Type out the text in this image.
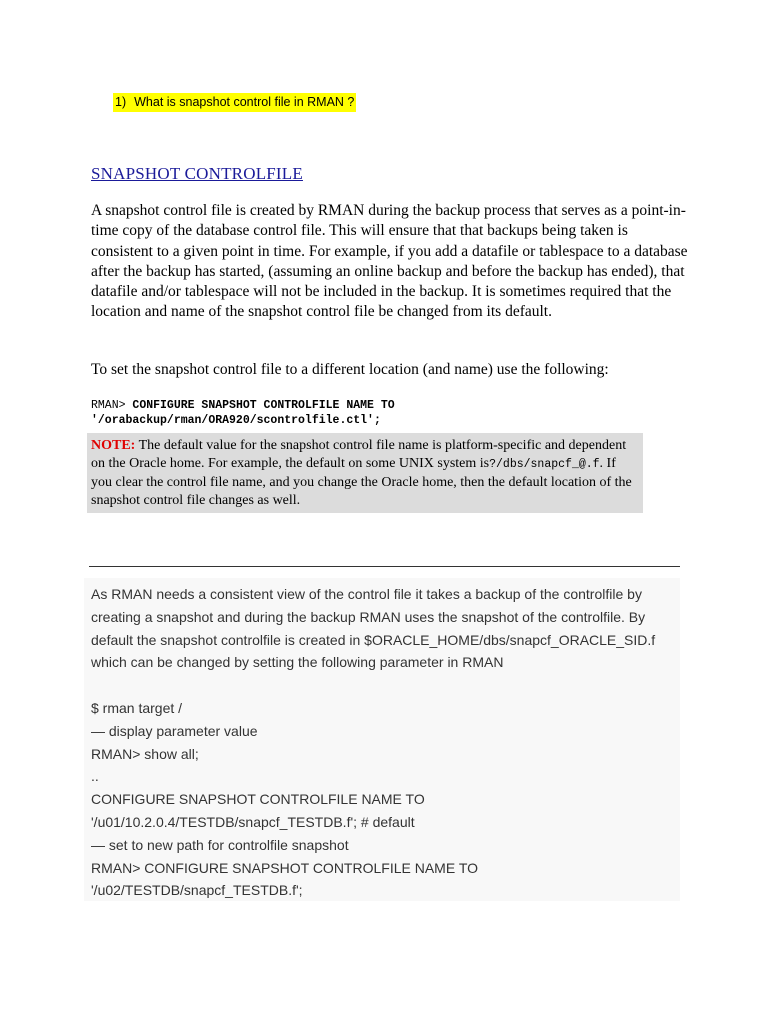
1) What is snapshot control file in RMAN ?
SNAPSHOT CONTROLFILE

A snapshot control file is created by RMAN during the backup process that serves as a point-in-time copy of the database control file. This will ensure that that backups being taken is consistent to a given point in time. For example, if you add a datafile or tablespace to a database after the backup has started, (assuming an online backup and before the backup has ended), that datafile and/or tablespace will not be included in the backup. It is sometimes required that the location and name of the snapshot control file be changed from its default.

To set the snapshot control file to a different location (and name) use the following:

RMAN> CONFIGURE SNAPSHOT CONTROLFILE NAME TO
'/orabackup/rman/ORA920/scontrolfile.ctl';
NOTE: The default value for the snapshot control file name is platform-specific and dependent on the Oracle home. For example, the default on some UNIX system is?/dbs/snapcf_@.f. If you clear the control file name, and you change the Oracle home, then the default location of the snapshot control file changes as well.
As RMAN needs a consistent view of the control file it takes a backup of the controlfile by
creating a snapshot and during the backup RMAN uses the snapshot of the controlfile. By
default the snapshot controlfile is created in $ORACLE_HOME/dbs/snapcf_ORACLE_SID.f
which can be changed by setting the following parameter in RMAN
$ rman target /
— display parameter value
RMAN> show all;
..
CONFIGURE SNAPSHOT CONTROLFILE NAME TO
'/u01/10.2.0.4/TESTDB/snapcf_TESTDB.f'; # default
— set to new path for controlfile snapshot
RMAN> CONFIGURE SNAPSHOT CONTROLFILE NAME TO
'/u02/TESTDB/snapcf_TESTDB.f';
